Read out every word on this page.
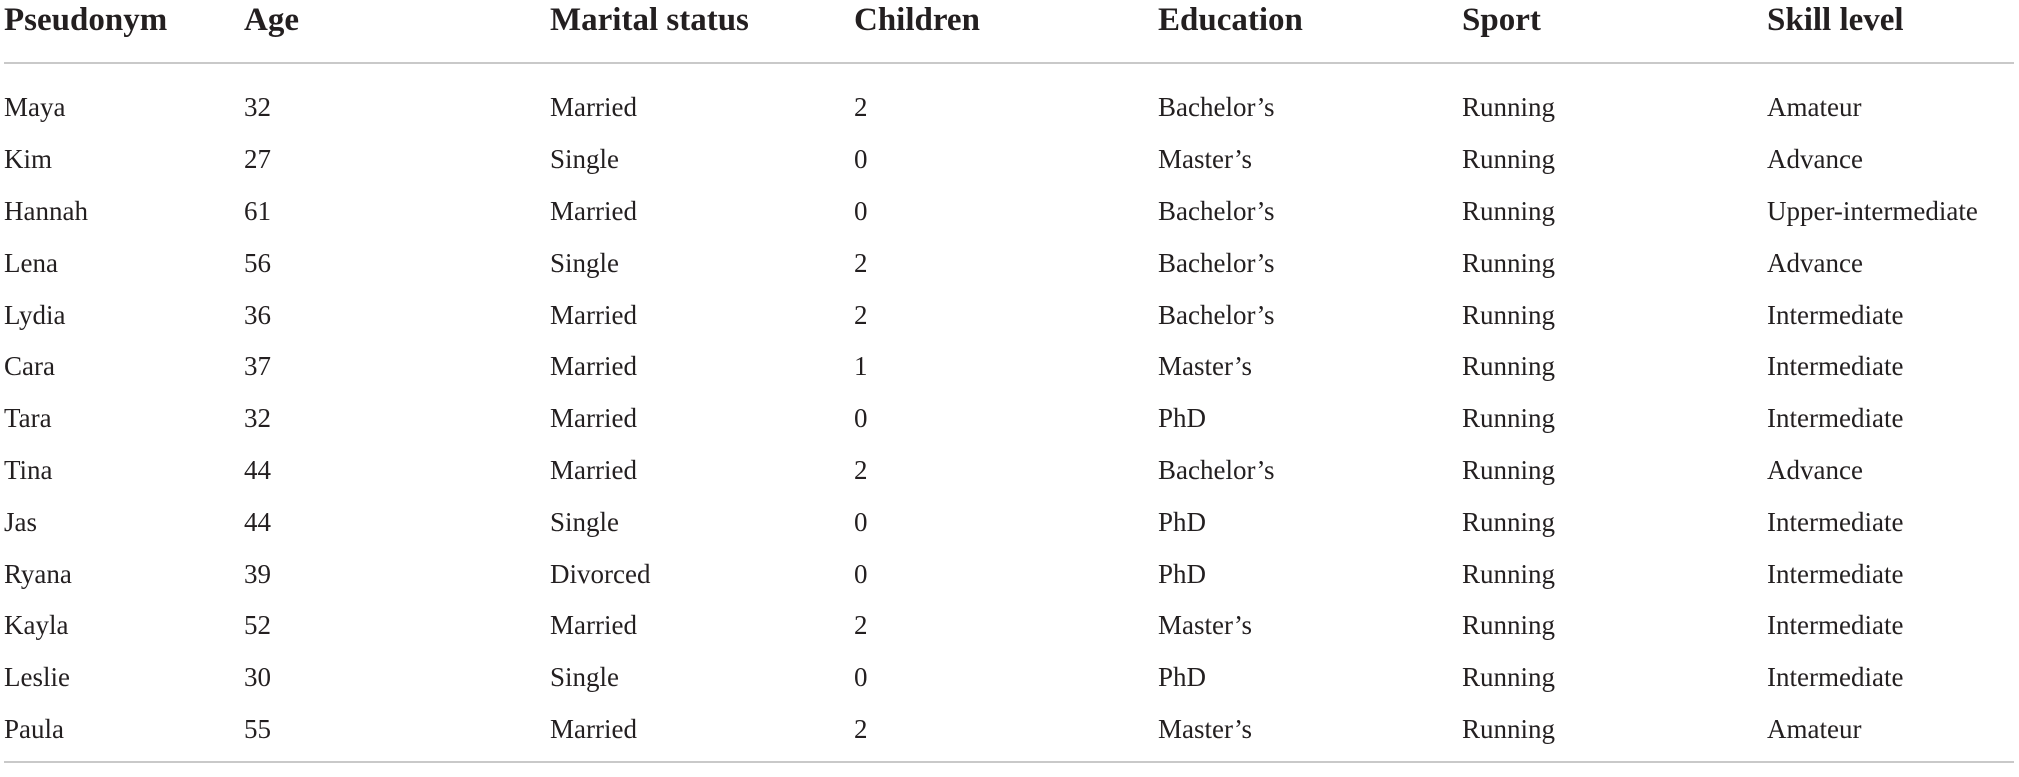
Pseudonym	Age	Marital status	Children	Education	Sport	Skill level
Maya	32	Married	2	Bachelor’s	Running	Amateur
Kim	27	Single	0	Master’s	Running	Advance
Hannah	61	Married	0	Bachelor’s	Running	Upper-intermediate
Lena	56	Single	2	Bachelor’s	Running	Advance
Lydia	36	Married	2	Bachelor’s	Running	Intermediate
Cara	37	Married	1	Master’s	Running	Intermediate
Tara	32	Married	0	PhD	Running	Intermediate
Tina	44	Married	2	Bachelor’s	Running	Advance
Jas	44	Single	0	PhD	Running	Intermediate
Ryana	39	Divorced	0	PhD	Running	Intermediate
Kayla	52	Married	2	Master’s	Running	Intermediate
Leslie	30	Single	0	PhD	Running	Intermediate
Paula	55	Married	2	Master’s	Running	Amateur
